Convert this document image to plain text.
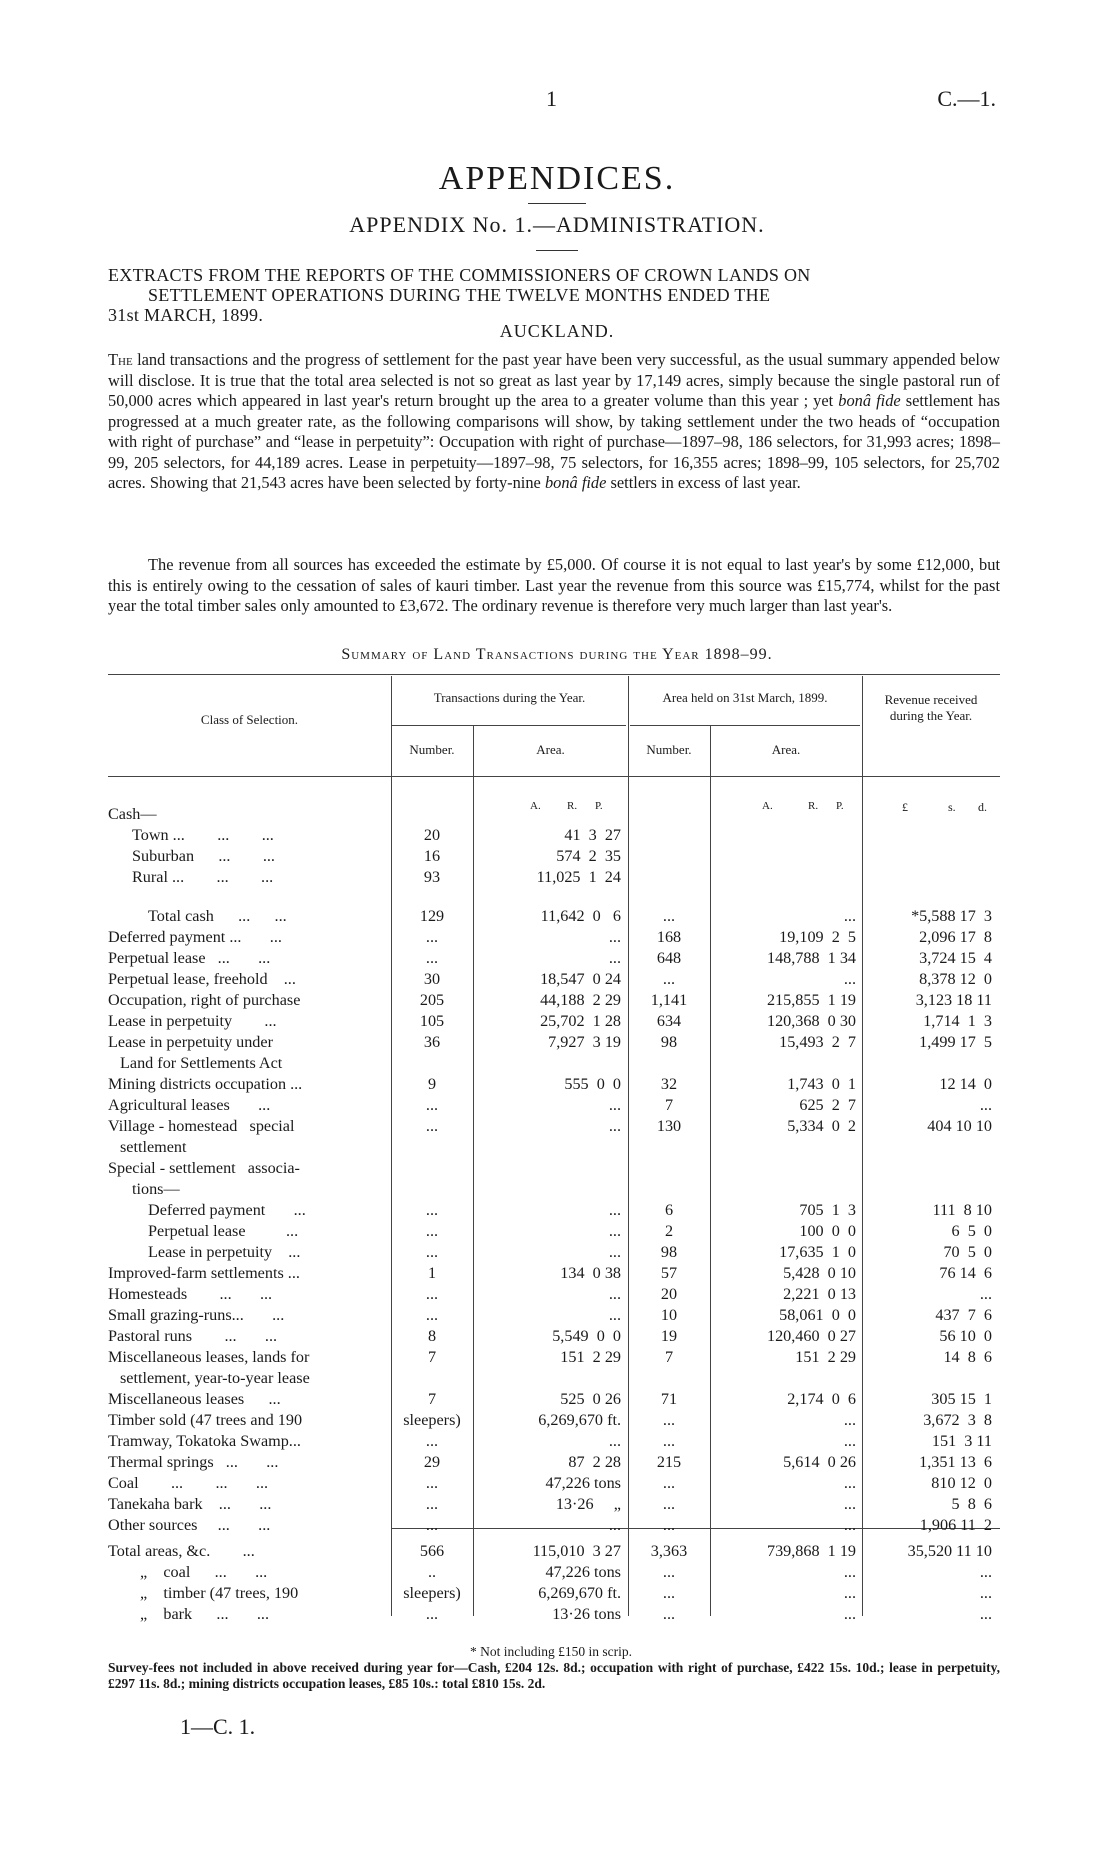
1	C.—1.
APPENDICES.
APPENDIX No. 1.—ADMINISTRATION.
EXTRACTS FROM THE REPORTS OF THE COMMISSIONERS OF CROWN LANDS ON
SETTLEMENT OPERATIONS DURING THE TWELVE MONTHS ENDED THE
31st MARCH, 1899.
AUCKLAND.
The land transactions and the progress of settlement for the past year have been very successful, as the usual summary appended below will disclose. It is true that the total area selected is not so great as last year by 17,149 acres, simply because the single pastoral run of 50,000 acres which appeared in last year's return brought up the area to a greater volume than this year ; yet bonâ fide settlement has progressed at a much greater rate, as the following comparisons will show, by taking settlement under the two heads of “occupation with right of purchase” and “lease in perpetuity”: Occupation with right of purchase—1897–98, 186 selectors, for 31,993 acres; 1898–99, 205 selectors, for 44,189 acres. Lease in perpetuity—1897–98, 75 selectors, for 16,355 acres; 1898–99, 105 selectors, for 25,702 acres. Showing that 21,543 acres have been selected by forty-nine bonâ fide settlers in excess of last year.
The revenue from all sources has exceeded the estimate by £5,000. Of course it is not equal to last year's by some £12,000, but this is entirely owing to the cessation of sales of kauri timber. Last year the revenue from this source was £15,774, whilst for the past year the total timber sales only amounted to £3,672. The ordinary revenue is therefore very much larger than last year's.
Summary of Land Transactions during the Year 1898–99.
Class of Selection.
Transactions during the Year.	Area held on 31st March, 1899.	Revenue received during the Year.
Number.	Area.	Number.	Area.
A. R. P.	A.	R. P.	£	s. d.
Cash—
Town ...        ...        ...	20	41  3  27
Suburban      ...        ...	16	574  2  35
Rural ...        ...        ...	93	11,025  1  24
Total cash      ...      ...	129	11,642  0   6	...	...	*5,588 17  3
Deferred payment ...       ...	...	...	168	19,109  2  5	2,096 17  8
Perpetual lease   ...       ...	...	...	648	148,788  1 34	3,724 15  4
Perpetual lease, freehold    ...	30	18,547  0 24	...	...	8,378 12  0
Occupation, right of purchase	205	44,188  2 29	1,141	215,855  1 19	3,123 18 11
Lease in perpetuity        ...	105	25,702  1 28	634	120,368  0 30	1,714  1  3
Lease in perpetuity under	36	7,927  3 19	98	15,493  2  7	1,499 17  5
Land for Settlements Act
Mining districts occupation ...	9	555  0  0	32	1,743  0  1	12 14  0
Agricultural leases       ...	...	...	7	625  2  7	...
Village - homestead   special	...	...	130	5,334  0  2	404 10 10
settlement
Special - settlement   associa-
tions—
Deferred payment       ...	...	...	6	705  1  3	111  8 10
Perpetual lease          ...	...	...	2	100  0  0	6  5  0
Lease in perpetuity    ...	...	...	98	17,635  1  0	70  5  0
Improved-farm settlements ...	1	134  0 38	57	5,428  0 10	76 14  6
Homesteads        ...       ...	...	...	20	2,221  0 13	...
Small grazing-runs...       ...	...	...	10	58,061  0  0	437  7  6
Pastoral runs        ...       ...	8	5,549  0  0	19	120,460  0 27	56 10  0
Miscellaneous leases, lands for	7	151  2 29	7	151  2 29	14  8  6
settlement, year-to-year lease
Miscellaneous leases      ...	7	525  0 26	71	2,174  0  6	305 15  1
Timber sold (47 trees and 190	sleepers)	6,269,670 ft.	...	...	3,672  3  8
Tramway, Tokatoka Swamp...	...	...	...	...	151  3 11
Thermal springs   ...       ...	29	87  2 28	215	5,614  0 26	1,351 13  6
Coal        ...        ...       ...	...	47,226 tons	...	...	810 12  0
Tanekaha bark    ...       ...	...	13·26     „	...	...	5  8  6
Other sources     ...       ...	...	...	...	...	1,906 11  2
Total areas, &c.        ...	566	115,010  3 27	3,363	739,868  1 19	35,520 11 10
„    coal      ...       ...	..	47,226 tons	...	...	...
„    timber (47 trees, 190	sleepers)	6,269,670 ft.	...	...	...
„    bark      ...       ...	...	13·26 tons	...	...	...
* Not including £150 in scrip.
Survey-fees not included in above received during year for—Cash, £204 12s. 8d.; occupation with right of purchase, £422 15s. 10d.; lease in perpetuity, £297 11s. 8d.; mining districts occupation leases, £85 10s.: total £810 15s. 2d.
1—C. 1.
